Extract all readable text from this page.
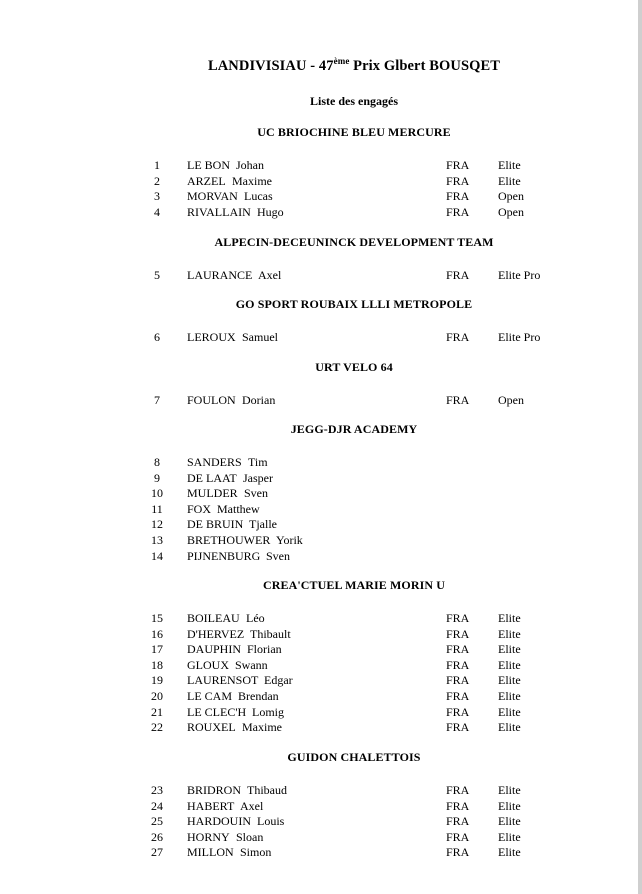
LANDIVISIAU - 47ème Prix Glbert BOUSQET
Liste des engagés
UC BRIOCHINE BLEU MERCURE
1	LE BON Johan	FRA Elite
2	ARZEL Maxime	FRA Elite
3	MORVAN Lucas	FRA Open
4	RIVALLAIN Hugo	FRA Open
ALPECIN-DECEUNINCK DEVELOPMENT TEAM
5	LAURANCE Axel	FRA Elite Pro
GO SPORT ROUBAIX LLLI METROPOLE
6	LEROUX Samuel	FRA Elite Pro
URT VELO 64
7	FOULON Dorian	FRA Open
JEGG-DJR ACADEMY
8	SANDERS Tim
9	DE LAAT Jasper
10	MULDER Sven
11	FOX Matthew
12	DE BRUIN Tjalle
13	BRETHOUWER Yorik
14	PIJNENBURG Sven
CREA'CTUEL MARIE MORIN U
15	BOILEAU Léo	FRA Elite
16	D'HERVEZ Thibault	FRA Elite
17	DAUPHIN Florian	FRA Elite
18	GLOUX Swann	FRA Elite
19	LAURENSOT Edgar	FRA Elite
20	LE CAM Brendan	FRA Elite
21	LE CLEC'H Lomig	FRA Elite
22	ROUXEL Maxime	FRA Elite
GUIDON CHALETTOIS
23	BRIDRON Thibaud	FRA Elite
24	HABERT Axel	FRA Elite
25	HARDOUIN Louis	FRA Elite
26	HORNY Sloan	FRA Elite
27	MILLON Simon	FRA Elite
